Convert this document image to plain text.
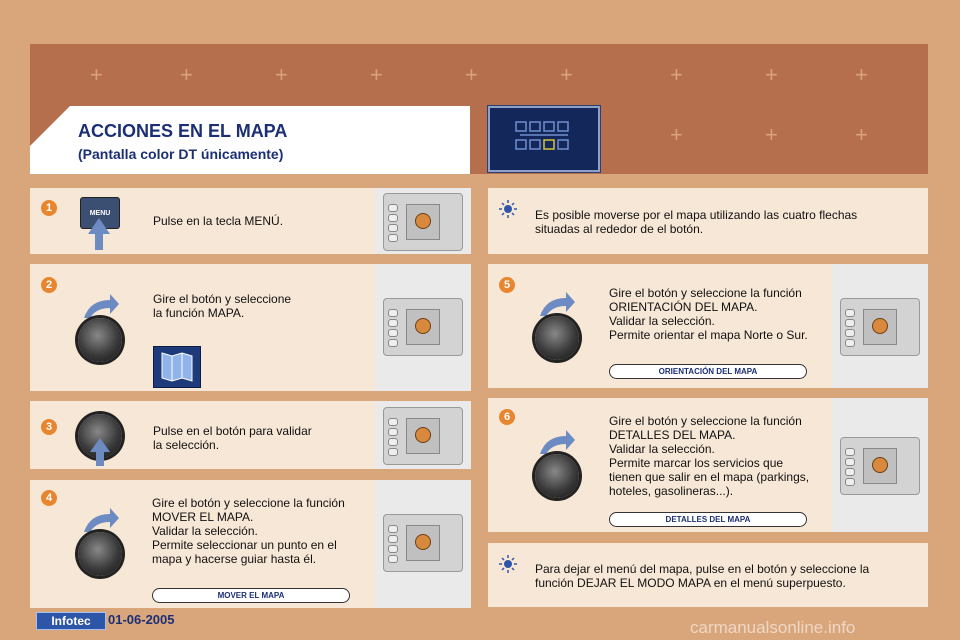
+	+	+	+	+	+	+	+	+
+	+	+
ACCIONES EN EL MAPA
(Pantalla color DT únicamente)
1	MENU
Pulse en la tecla MENÚ.
2
Gire el botón y seleccione
la función MAPA.
3	Pulse en el botón para validar
la selección.
4	Gire el botón y seleccione la función
MOVER EL MAPA.
Validar la selección.
Permite seleccionar un punto en el
mapa y hacerse guiar hasta él.
MOVER EL MAPA
Es posible moverse por el mapa utilizando las cuatro flechas
situadas al rededor de el botón.
5
Gire el botón y seleccione la función
ORIENTACIÓN DEL MAPA.
Validar la selección.
Permite orientar el mapa Norte o Sur.
ORIENTACIÓN DEL MAPA
6	Gire el botón y seleccione la función
DETALLES DEL MAPA.
Validar la selección.
Permite marcar los servicios que
tienen que salir en el mapa (parkings,
hoteles, gasolineras...).
DETALLES DEL MAPA
Para dejar el menú del mapa, pulse en el botón y seleccione la
función DEJAR EL MODO MAPA en el menú superpuesto.
Infotec	01-06-2005	carmanualsonline.info
